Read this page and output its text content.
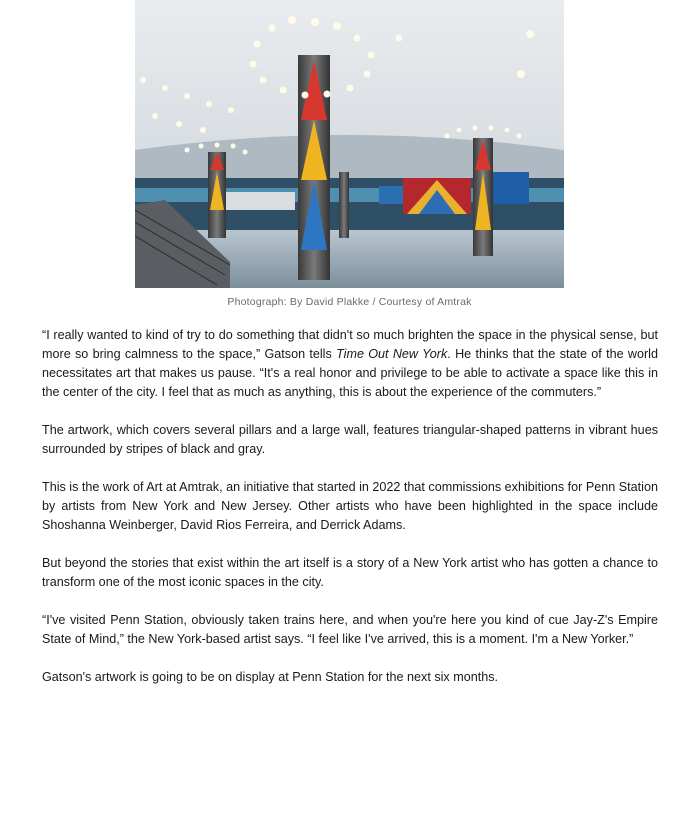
Photograph: By David Plakke / Courtesy of Amtrak

“I really wanted to kind of try to do something that didn't so much brighten the space in the physical sense, but more so bring calmness to the space,” Gatson tells Time Out New York. He thinks that the state of the world necessitates art that makes us pause. “It's a real honor and privilege to be able to activate a space like this in the center of the city. I feel that as much as anything, this is about the experience of the commuters.”

The artwork, which covers several pillars and a large wall, features triangular-shaped patterns in vibrant hues surrounded by stripes of black and gray.

This is the work of Art at Amtrak, an initiative that started in 2022 that commissions exhibitions for Penn Station by artists from New York and New Jersey. Other artists who have been highlighted in the space include Shoshanna Weinberger, David Rios Ferreira, and Derrick Adams.

But beyond the stories that exist within the art itself is a story of a New York artist who has gotten a chance to transform one of the most iconic spaces in the city.

“I've visited Penn Station, obviously taken trains here, and when you're here you kind of cue Jay-Z's Empire State of Mind,” the New York-based artist says. “I feel like I've arrived, this is a moment. I'm a New Yorker.”

Gatson's artwork is going to be on display at Penn Station for the next six months.
